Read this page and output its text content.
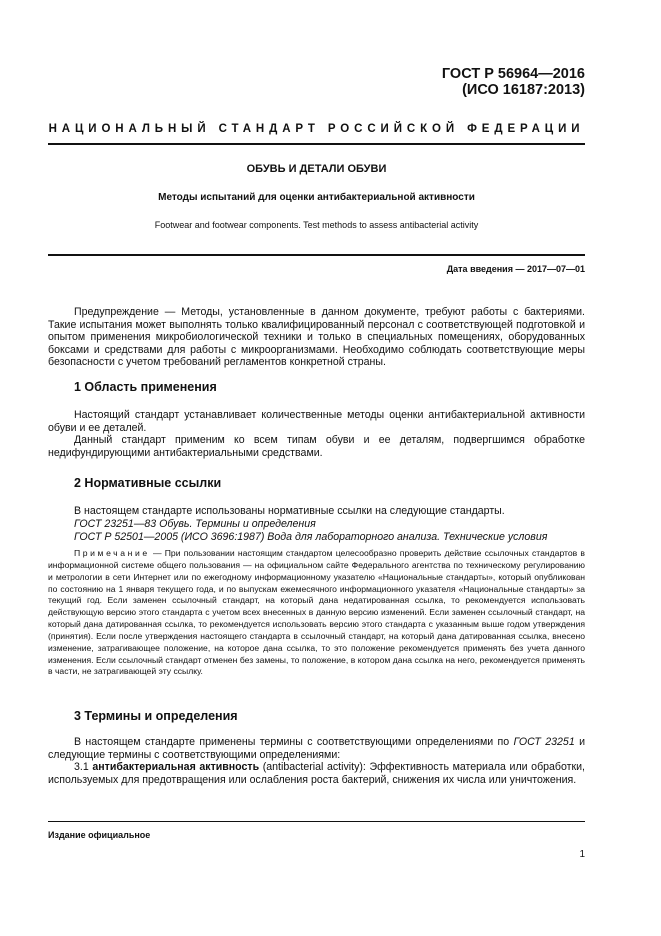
ГОСТ Р 56964—2016
(ИСО 16187:2013)
НАЦИОНАЛЬНЫЙ СТАНДАРТ РОССИЙСКОЙ ФЕДЕРАЦИИ
ОБУВЬ И ДЕТАЛИ ОБУВИ
Методы испытаний для оценки антибактериальной активности
Footwear and footwear components. Test methods to assess antibacterial activity
Дата введения — 2017—07—01

Предупреждение — Методы, установленные в данном документе, требуют работы с бактериями. Такие испытания может выполнять только квалифицированный персонал с соответствующей подготовкой и опытом применения микробиологической техники и только в специальных помещениях, оборудованных боксами и средствами для работы с микроорганизмами. Необходимо соблюдать соответствующие меры безопасности с учетом требований регламентов конкретной страны.

1 Область применения

Настоящий стандарт устанавливает количественные методы оценки антибактериальной активности обуви и ее деталей.

Данный стандарт применим ко всем типам обуви и ее деталям, подвергшимся обработке недифундирующими антибактериальными средствами.

2 Нормативные ссылки

В настоящем стандарте использованы нормативные ссылки на следующие стандарты.

ГОСТ 23251—83 Обувь. Термины и определения
ГОСТ Р 52501—2005 (ИСО 3696:1987) Вода для лабораторного анализа. Технические условия

Примечание — При пользовании настоящим стандартом целесообразно проверить действие ссылочных стандартов в информационной системе общего пользования — на официальном сайте Федерального агентства по техническому регулированию и метрологии в сети Интернет или по ежегодному информационному указателю «Национальные стандарты», который опубликован по состоянию на 1 января текущего года, и по выпускам ежемесячного информационного указателя «Национальные стандарты» за текущий год. Если заменен ссылочный стандарт, на который дана недатированная ссылка, то рекомендуется использовать действующую версию этого стандарта с учетом всех внесенных в данную версию изменений. Если заменен ссылочный стандарт, на который дана датированная ссылка, то рекомендуется использовать версию этого стандарта с указанным выше годом утверждения (принятия). Если после утверждения настоящего стандарта в ссылочный стандарт, на который дана датированная ссылка, внесено изменение, затрагивающее положение, на которое дана ссылка, то это положение рекомендуется применять без учета данного изменения. Если ссылочный стандарт отменен без замены, то положение, в котором дана ссылка на него, рекомендуется применять в части, не затрагивающей эту ссылку.

3 Термины и определения

В настоящем стандарте применены термины с соответствующими определениями по ГОСТ 23251 и следующие термины с соответствующими определениями:

3.1 антибактериальная активность (antibacterial activity): Эффективность материала или обработки, используемых для предотвращения или ослабления роста бактерий, снижения их числа или уничтожения.

Издание официальное
1
